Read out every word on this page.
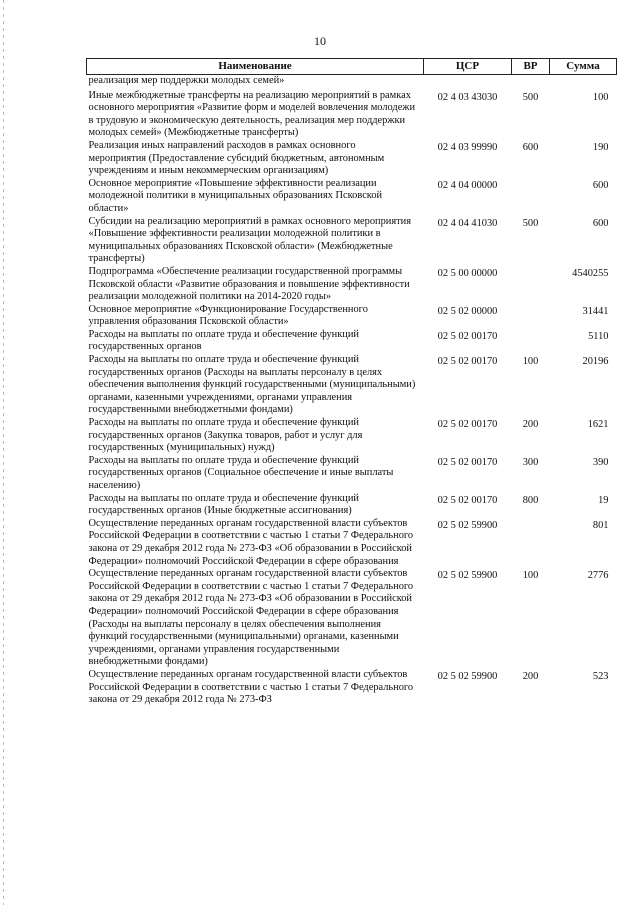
10
Наименование	ЦСР	ВР	Сумма
реализация мер поддержки молодых семей»			
Иные межбюджетные трансферты на реализацию мероприятий в рамках основного мероприятия «Развитие форм и моделей вовлечения молодежи в трудовую и экономическую деятельность, реализация мер поддержки молодых семей» (Межбюджетные трансферты)	02 4 03 43030	500	100
Реализация иных направлений расходов в рамках основного мероприятия (Предоставление субсидий бюджетным, автономным учреждениям и иным некоммерческим организациям)	02 4 03 99990	600	190
Основное мероприятие «Повышение эффективности реализации молодежной политики в муниципальных образованиях Псковской области»	02 4 04 00000		600
Субсидии на реализацию мероприятий в рамках основного мероприятия «Повышение эффективности реализации молодежной политики в муниципальных образованиях Псковской области» (Межбюджетные трансферты)	02 4 04 41030	500	600
Подпрограмма «Обеспечение реализации государственной программы Псковской области «Развитие образования и повышение эффективности реализации молодежной политики на 2014-2020 годы»	02 5 00 00000		4540255
Основное мероприятие «Функционирование Государственного управления образования Псковской области»	02 5 02 00000		31441
Расходы на выплаты по оплате труда и обеспечение функций государственных органов	02 5 02 00170		5110
Расходы на выплаты по оплате труда и обеспечение функций государственных органов (Расходы на выплаты персоналу в целях обеспечения выполнения функций государственными (муниципальными) органами, казенными учреждениями, органами управления государственными внебюджетными фондами)	02 5 02 00170	100	20196
Расходы на выплаты по оплате труда и обеспечение функций государственных органов (Закупка товаров, работ и услуг для государственных (муниципальных) нужд)	02 5 02 00170	200	1621
Расходы на выплаты по оплате труда и обеспечение функций государственных органов (Социальное обеспечение и иные выплаты населению)	02 5 02 00170	300	390
Расходы на выплаты по оплате труда и обеспечение функций государственных органов (Иные бюджетные ассигнования)	02 5 02 00170	800	19
Осуществление переданных органам государственной власти субъектов Российской Федерации в соответствии с частью 1 статьи 7 Федерального закона от 29 декабря 2012 года № 273-ФЗ «Об образовании в Российской Федерации» полномочий Российской Федерации в сфере образования	02 5 02 59900		801
Осуществление переданных органам государственной власти субъектов Российской Федерации в соответствии с частью 1 статьи 7 Федерального закона от 29 декабря 2012 года № 273-ФЗ «Об образовании в Российской Федерации» полномочий Российской Федерации в сфере образования (Расходы на выплаты персоналу в целях обеспечения выполнения функций государственными (муниципальными) органами, казенными учреждениями, органами управления государственными внебюджетными фондами)	02 5 02 59900	100	2776
Осуществление переданных органам государственной власти субъектов Российской Федерации в соответствии с частью 1 статьи 7 Федерального закона от 29 декабря 2012 года № 273-ФЗ	02 5 02 59900	200	523
